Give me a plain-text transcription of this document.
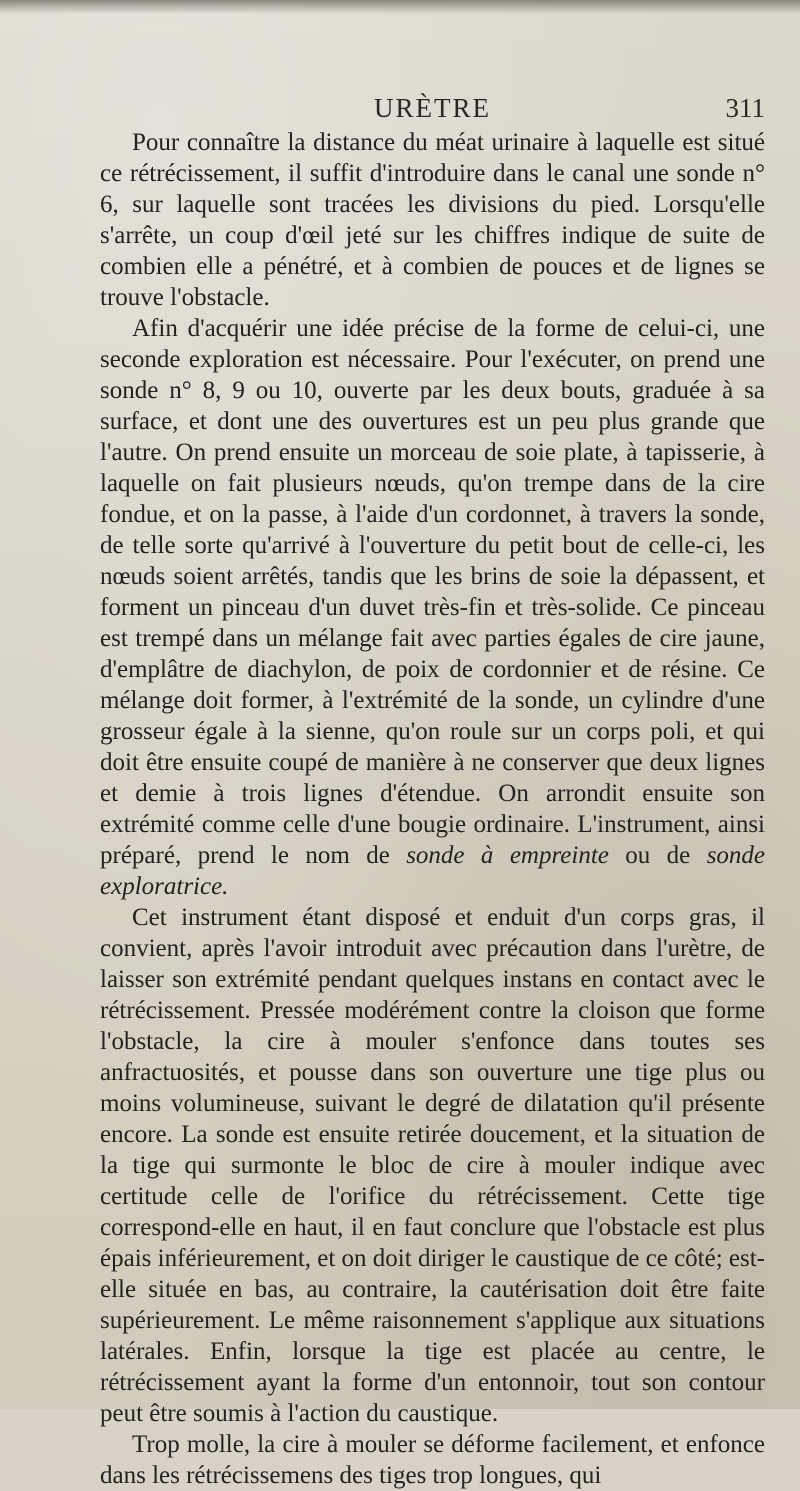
URÈTRE	311

Pour connaître la distance du méat urinaire à laquelle est situé ce rétrécissement, il suffit d'introduire dans le canal une sonde n° 6, sur laquelle sont tracées les divisions du pied. Lorsqu'elle s'arrête, un coup d'œil jeté sur les chiffres indique de suite de combien elle a pénétré, et à combien de pouces et de lignes se trouve l'obstacle.

Afin d'acquérir une idée précise de la forme de celui-ci, une seconde exploration est nécessaire. Pour l'exécuter, on prend une sonde n° 8, 9 ou 10, ouverte par les deux bouts, graduée à sa surface, et dont une des ouvertures est un peu plus grande que l'autre. On prend ensuite un morceau de soie plate, à tapisserie, à laquelle on fait plusieurs nœuds, qu'on trempe dans de la cire fondue, et on la passe, à l'aide d'un cordonnet, à travers la sonde, de telle sorte qu'arrivé à l'ouverture du petit bout de celle-ci, les nœuds soient arrêtés, tandis que les brins de soie la dépassent, et forment un pinceau d'un duvet très-fin et très-solide. Ce pinceau est trempé dans un mélange fait avec parties égales de cire jaune, d'emplâtre de diachylon, de poix de cordonnier et de résine. Ce mélange doit former, à l'extrémité de la sonde, un cylindre d'une grosseur égale à la sienne, qu'on roule sur un corps poli, et qui doit être ensuite coupé de manière à ne conserver que deux lignes et demie à trois lignes d'étendue. On arrondit ensuite son extrémité comme celle d'une bougie ordinaire. L'instrument, ainsi préparé, prend le nom de sonde à empreinte ou de sonde exploratrice.

Cet instrument étant disposé et enduit d'un corps gras, il convient, après l'avoir introduit avec précaution dans l'urètre, de laisser son extrémité pendant quelques instans en contact avec le rétrécissement. Pressée modérément contre la cloison que forme l'obstacle, la cire à mouler s'enfonce dans toutes ses anfractuosités, et pousse dans son ouverture une tige plus ou moins volumineuse, suivant le degré de dilatation qu'il présente encore. La sonde est ensuite retirée doucement, et la situation de la tige qui surmonte le bloc de cire à mouler indique avec certitude celle de l'orifice du rétrécissement. Cette tige correspond-elle en haut, il en faut conclure que l'obstacle est plus épais inférieurement, et on doit diriger le caustique de ce côté; est-elle située en bas, au contraire, la cautérisation doit être faite supérieurement. Le même raisonnement s'applique aux situations latérales. Enfin, lorsque la tige est placée au centre, le rétrécissement ayant la forme d'un entonnoir, tout son contour peut être soumis à l'action du caustique.

Trop molle, la cire à mouler se déforme facilement, et enfonce dans les rétrécissemens des tiges trop longues, qui
